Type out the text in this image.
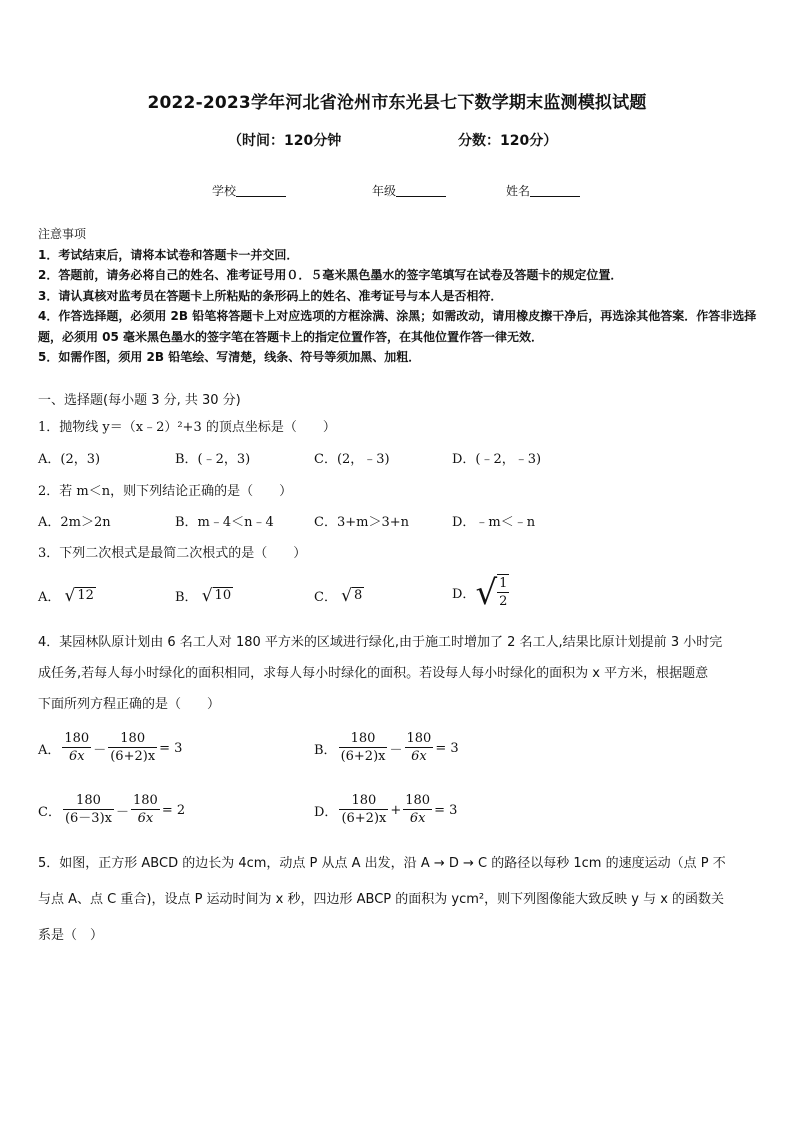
2022-2023学年河北省沧州市东光县七下数学期末监测模拟试题
（时间：120分钟	分数：120分）
学校	年级	姓名
注意事项
1．考试结束后，请将本试卷和答题卡一并交回．
2．答题前，请务必将自己的姓名、准考证号用０．５毫米黑色墨水的签字笔填写在试卷及答题卡的规定位置．
3．请认真核对监考员在答题卡上所粘贴的条形码上的姓名、准考证号与本人是否相符．
4．作答选择题，必须用 2B 铅笔将答题卡上对应选项的方框涂满、涂黑；如需改动，请用橡皮擦干净后，再选涂其他答案．作答非选择题，必须用 05 毫米黑色墨水的签字笔在答题卡上的指定位置作答，在其他位置作答一律无效．
5．如需作图，须用 2B 铅笔绘、写清楚，线条、符号等须加黑、加粗．
一、选择题(每小题 3 分, 共 30 分)
1．抛物线 y＝（x﹣2）²+3 的顶点坐标是（　　）
A．(2，3)	B．(﹣2，3)	C．(2，﹣3)	D．(﹣2，﹣3)
2．若 m＜n，则下列结论正确的是（　　）
A．2m＞2n	B．m﹣4＜n﹣4	C．3+m＞3+n	D．﹣m＜﹣n
3．下列二次根式是最简二次根式的是（　　）
A． √ 12	B． √ 10	C． √ 8	D． √ $\frac{1}{2}$
4．某园林队原计划由 6 名工人对 180 平方米的区域进行绿化,由于施工时增加了 2 名工人,结果比原计划提前 3 小时完
成任务,若每人每小时绿化的面积相同，求每人每小时绿化的面积。若设每人每小时绿化的面积为 x 平方米，根据题意
下面所列方程正确的是（　　）
A． $\frac{180}{6x} - \frac{180}{(6+2)x} = 3$	B． $\frac{180}{(6+2)x} - \frac{180}{6x} = 3$
C． $\frac{180}{(6-3)x} - \frac{180}{6x} = 2$	D． $\frac{180}{(6+2)x} + \frac{180}{6x} = 3$
5．如图，正方形 ABCD 的边长为 4cm，动点 P 从点 A 出发，沿 A → D → C 的路径以每秒 1cm 的速度运动（点 P 不
与点 A、点 C 重合)，设点 P 运动时间为 x 秒，四边形 ABCP 的面积为 ycm²，则下列图像能大致反映 y 与 x 的函数关
系是（　）
